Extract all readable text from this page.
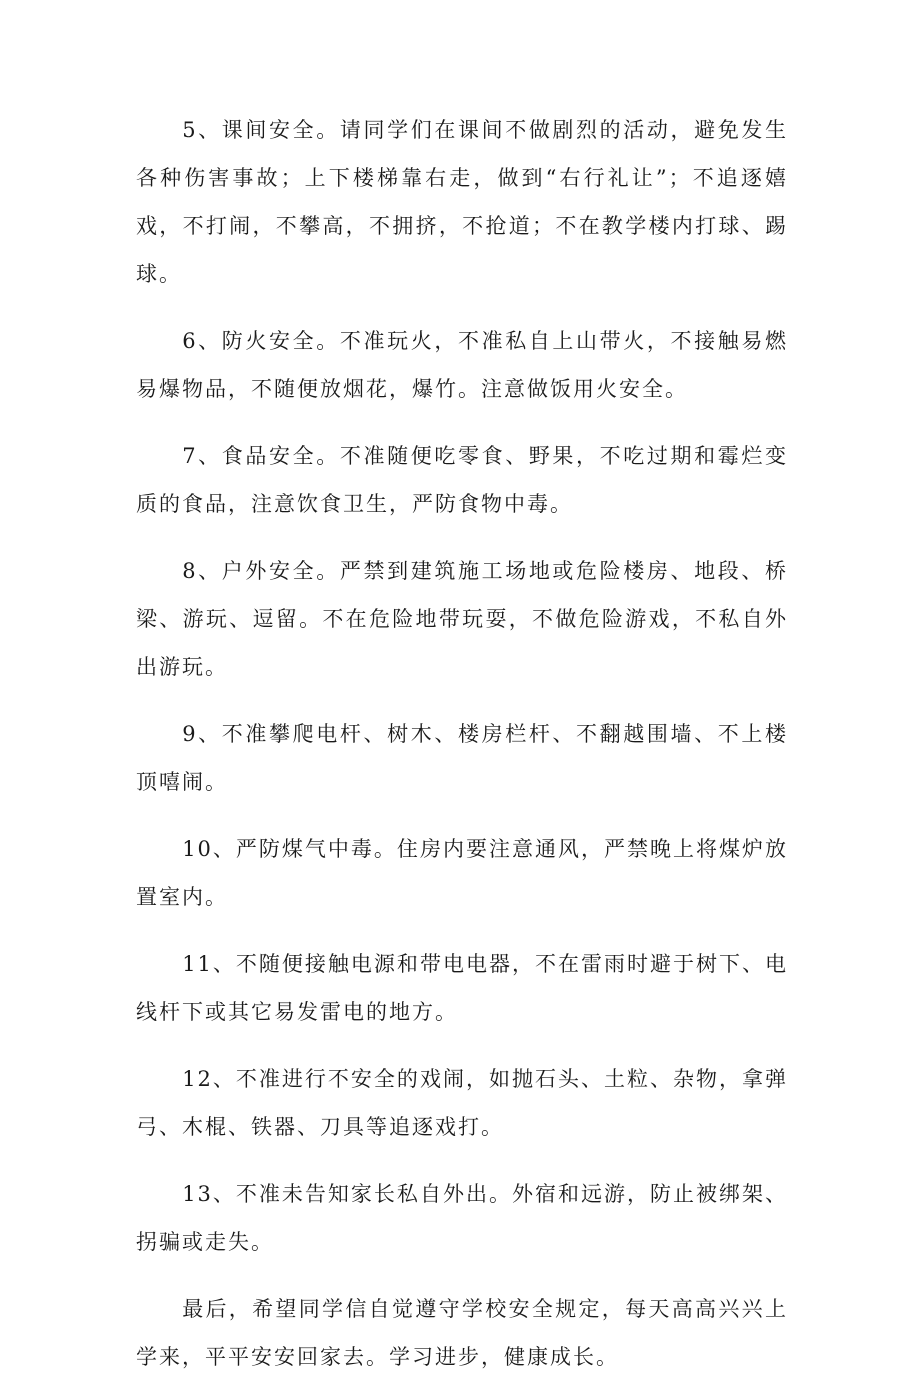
5、课间安全。请同学们在课间不做剧烈的活动，避免发生各种伤害事故；上下楼梯靠右走，做到“右行礼让”；不追逐嬉戏，不打闹，不攀高，不拥挤，不抢道；不在教学楼内打球、踢球。

6、防火安全。不准玩火，不准私自上山带火，不接触易燃易爆物品，不随便放烟花，爆竹。注意做饭用火安全。

7、食品安全。不准随便吃零食、野果，不吃过期和霉烂变质的食品，注意饮食卫生，严防食物中毒。

8、户外安全。严禁到建筑施工场地或危险楼房、地段、桥梁、游玩、逗留。不在危险地带玩耍，不做危险游戏，不私自外出游玩。

9、不准攀爬电杆、树木、楼房栏杆、不翻越围墙、不上楼顶嘻闹。

10、严防煤气中毒。住房内要注意通风，严禁晚上将煤炉放置室内。

11、不随便接触电源和带电电器，不在雷雨时避于树下、电线杆下或其它易发雷电的地方。

12、不准进行不安全的戏闹，如抛石头、土粒、杂物，拿弹弓、木棍、铁器、刀具等追逐戏打。

13、不准未告知家长私自外出。外宿和远游，防止被绑架、拐骗或走失。

最后，希望同学信自觉遵守学校安全规定，每天高高兴兴上学来，平平安安回家去。学习进步，健康成长。
